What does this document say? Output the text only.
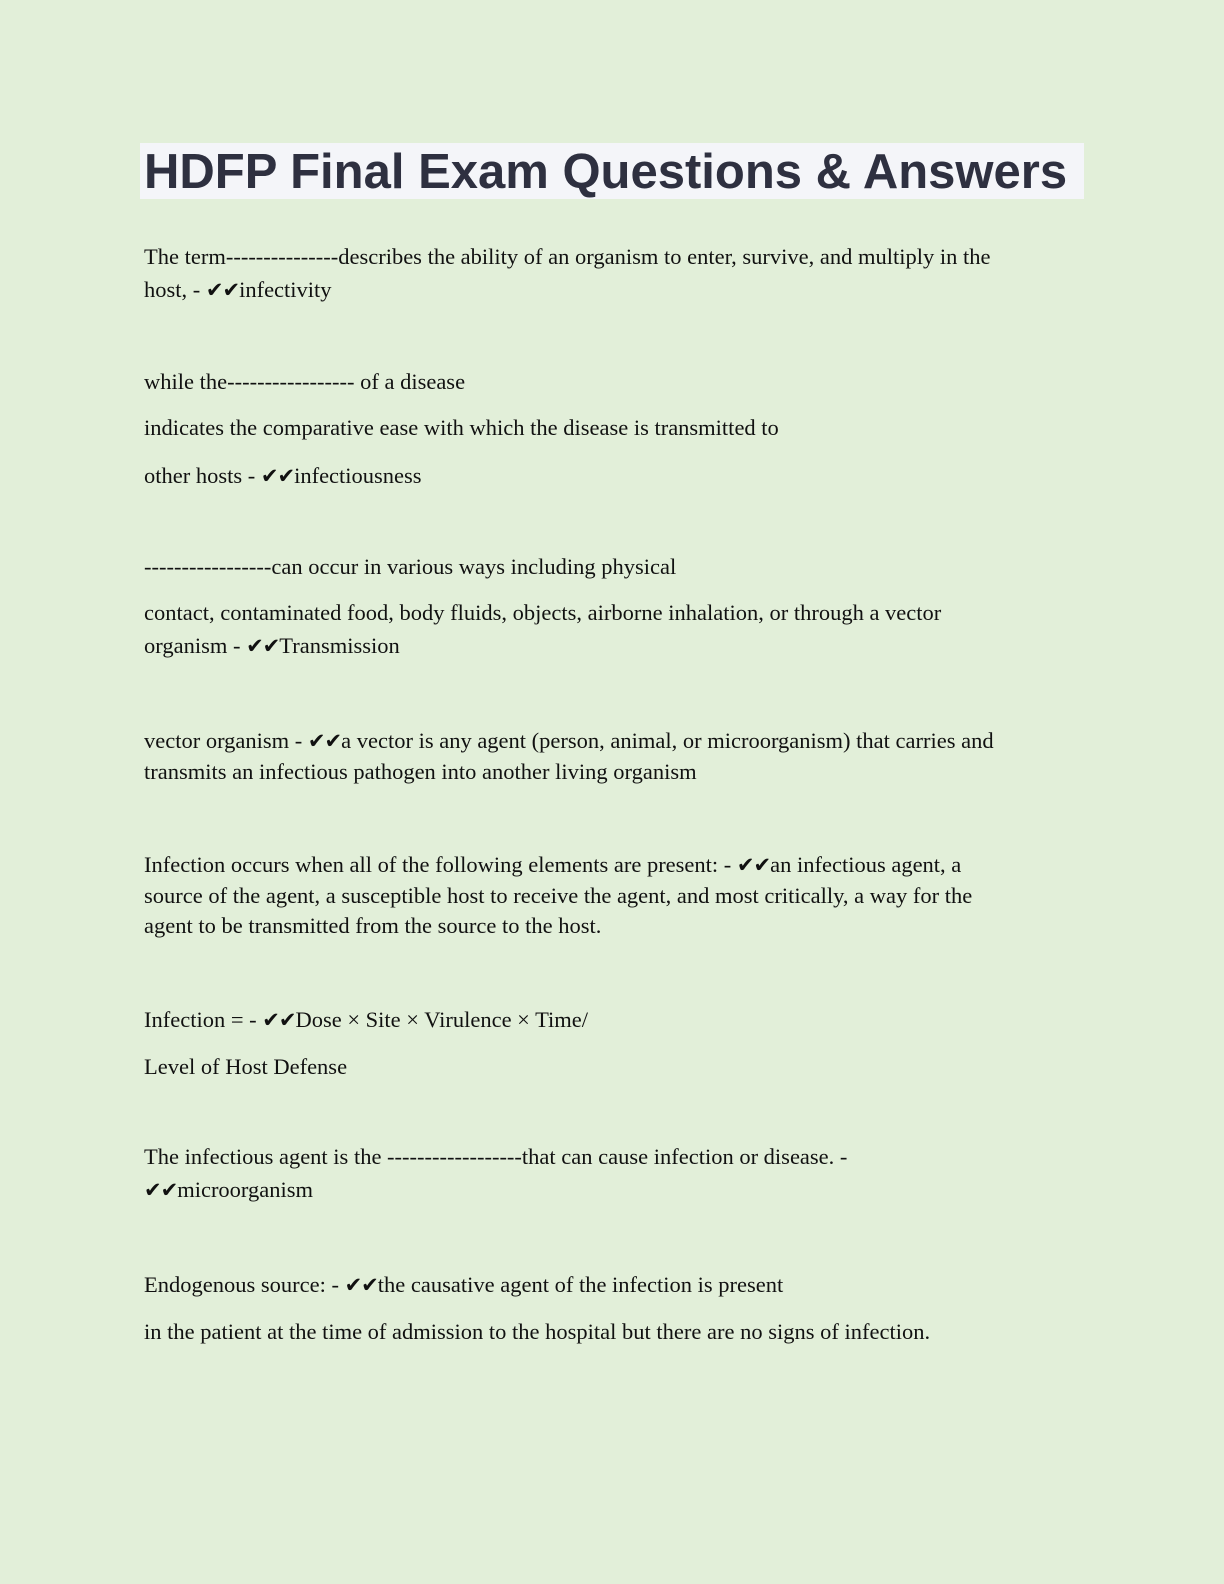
HDFP Final Exam Questions & Answers

The term---------------describes the ability of an organism to enter, survive, and multiply in the

host, - ✔✔infectivity

while the----------------- of a disease

indicates the comparative ease with which the disease is transmitted to

other hosts - ✔✔infectiousness

-----------------can occur in various ways including physical

contact, contaminated food, body fluids, objects, airborne inhalation, or through a vector

organism - ✔✔Transmission

vector organism - ✔✔a vector is any agent (person, animal, or microorganism) that carries and

transmits an infectious pathogen into another living organism

Infection occurs when all of the following elements are present: - ✔✔an infectious agent, a

source of the agent, a susceptible host to receive the agent, and most critically, a way for the

agent to be transmitted from the source to the host.

Infection = - ✔✔Dose × Site × Virulence × Time/

Level of Host Defense

The infectious agent is the ------------------that can cause infection or disease. -

✔✔microorganism

Endogenous source: - ✔✔the causative agent of the infection is present

in the patient at the time of admission to the hospital but there are no signs of infection.
